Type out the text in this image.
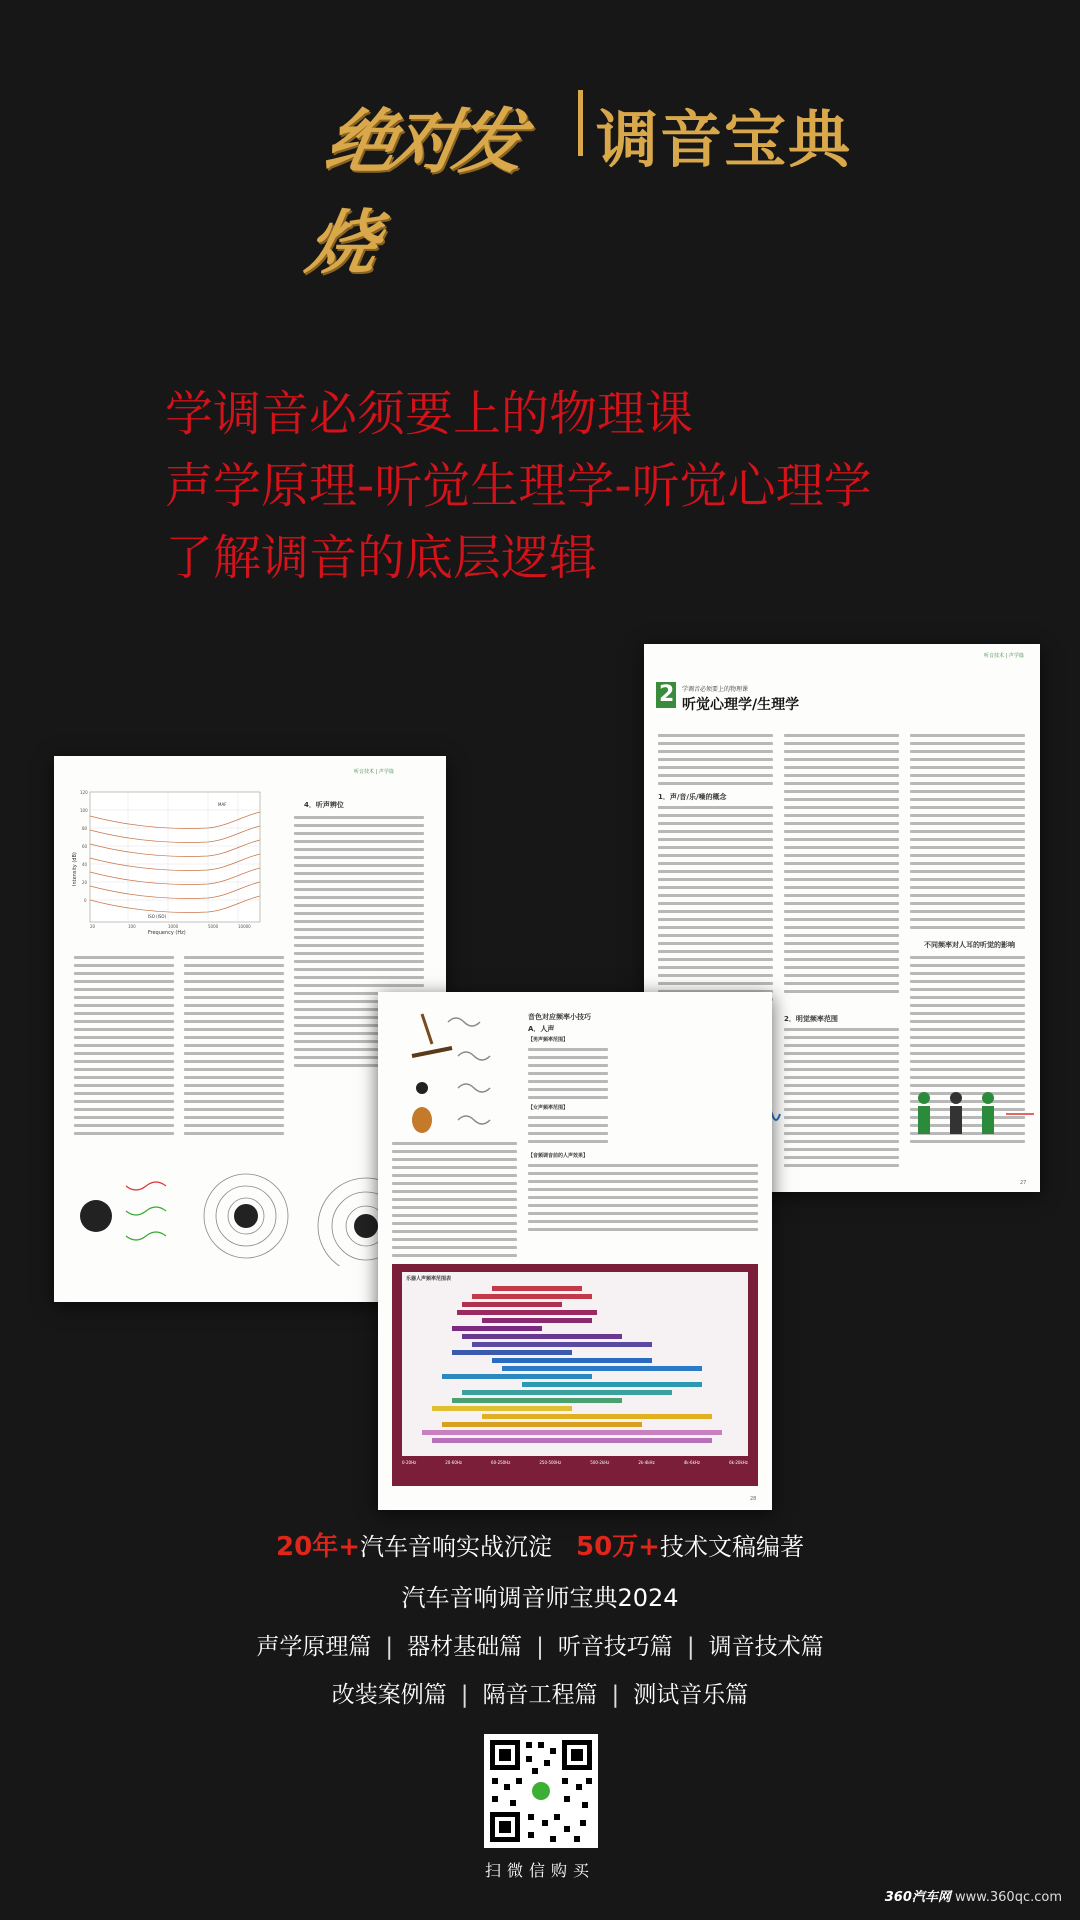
绝对发烧
调音宝典
学调音必须要上的物理课
声学原理-听觉生理学-听觉心理学
了解调音的底层逻辑
听音技术 | 声学篇
MAF
ISO (ISO)
Frequency (Hz)
Intensity (dB)
20	100	1000	5000	10000
120
100
80
60
40
20
0
4．听声辨位
听音技术 | 声学篇
2 学调音必须要上的物理课
听觉心理学/生理学
1．声/音/乐/噪的概念
2．明觉频率范围
不同频率对人耳的听觉的影响
27
音色对应频率小技巧
A．人声
【男声频率范围】
【女声频率范围】
【音频调音前的人声效果】
乐器人声频率范围表
0-20Hz	20-60Hz	60-250Hz	250-500Hz	500-2kHz	2k-4kHz	4k-6kHz	6k-20kHz
28
20年+汽车音响实战沉淀 50万+技术文稿编著
汽车音响调音师宝典2024
声学原理篇 | 器材基础篇 | 听音技巧篇 | 调音技术篇
改装案例篇 | 隔音工程篇 | 测试音乐篇
扫微信购买
360汽车网 www.360qc.com
